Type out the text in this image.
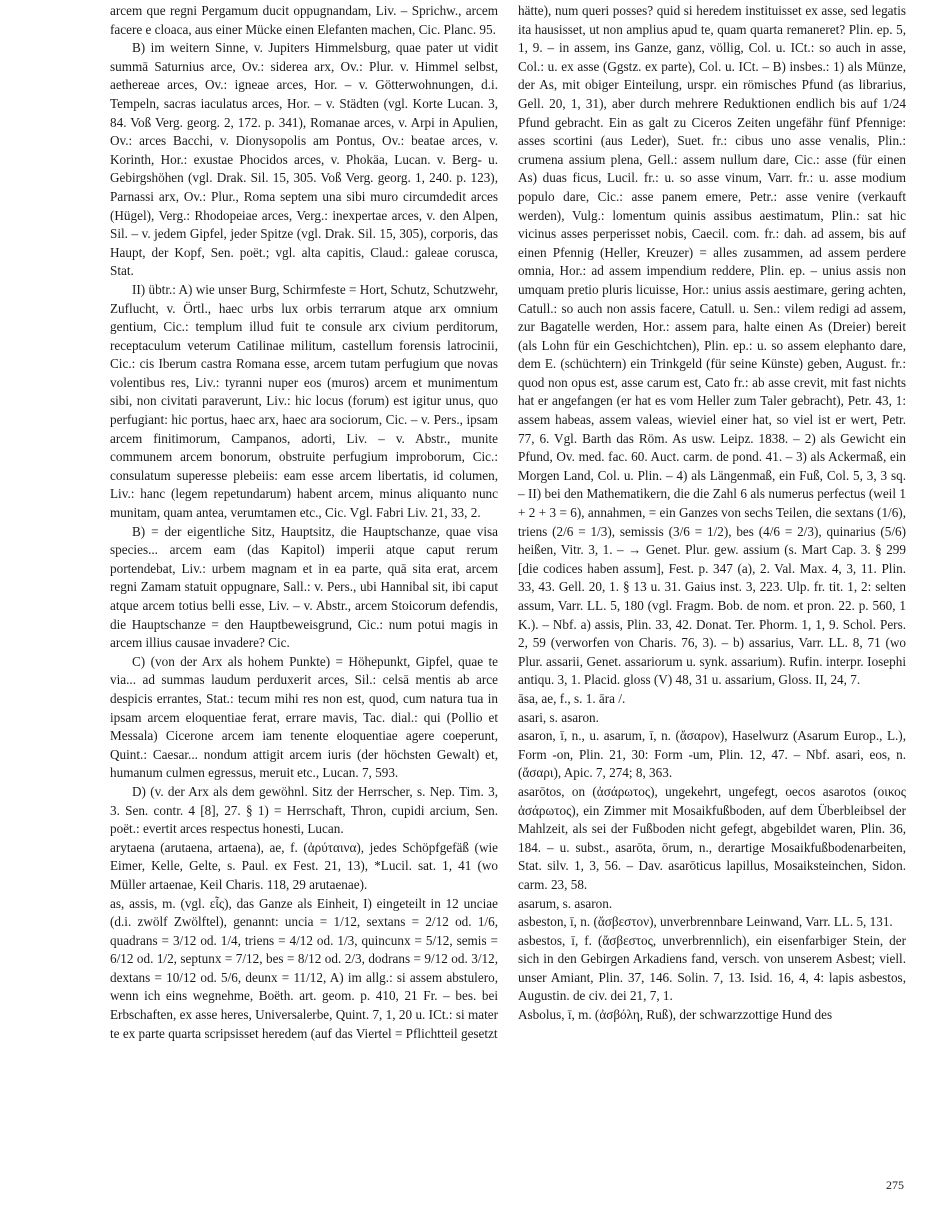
arcem que regni Pergamum ducit oppugnandam, Liv. – Sprichw., arcem facere e cloaca, aus einer Mücke einen Elefanten machen, Cic. Planc. 95.

B) im weitern Sinne, v. Jupiters Himmelsburg, quae pater ut vidit summā Saturnius arce, Ov.: siderea arx, Ov.: Plur. v. Himmel selbst, aethereae arces, Ov.: igneae arces, Hor. – v. Götterwohnungen, d.i. Tempeln, sacras iaculatus arces, Hor. – v. Städten (vgl. Korte Lucan. 3, 84. Voß Verg. georg. 2, 172. p. 341), Romanae arces, v. Arpi in Apulien, Ov.: arces Bacchi, v. Dionysopolis am Pontus, Ov.: beatae arces, v. Korinth, Hor.: exustae Phocidos arces, v. Phokäa, Lucan. v. Berg- u. Gebirgshöhen (vgl. Drak. Sil. 15, 305. Voß Verg. georg. 1, 240. p. 123), Parnassi arx, Ov.: Plur., Roma septem una sibi muro circumdedit arces (Hügel), Verg.: Rhodopeiae arces, Verg.: inexpertae arces, v. den Alpen, Sil. – v. jedem Gipfel, jeder Spitze (vgl. Drak. Sil. 15, 305), corporis, das Haupt, der Kopf, Sen. poët.; vgl. alta capitis, Claud.: galeae corusca, Stat.

II) übtr.: A) wie unser Burg, Schirmfeste = Hort, Schutz, Schutzwehr, Zuflucht, v. Örtl., haec urbs lux orbis terrarum atque arx omnium gentium, Cic.: templum illud fuit te consule arx civium perditorum, receptaculum veterum Catilinae militum, castellum forensis latrocinii, Cic.: cis Iberum castra Romana esse, arcem tutam perfugium que novas volentibus res, Liv.: tyranni nuper eos (muros) arcem et munimentum sibi, non civitati paraverunt, Liv.: hic locus (forum) est igitur unus, quo perfugiant: hic portus, haec arx, haec ara sociorum, Cic. – v. Pers., ipsam arcem finitimorum, Campanos, adorti, Liv. – v. Abstr., munite communem arcem bonorum, obstruite perfugium improborum, Cic.: consulatum superesse plebeiis: eam esse arcem libertatis, id columen, Liv.: hanc (legem repetundarum) habent arcem, minus aliquanto nunc munitam, quam antea, verumtamen etc., Cic. Vgl. Fabri Liv. 21, 33, 2.

B) = der eigentliche Sitz, Hauptsitz, die Hauptschanze, quae visa species... arcem eam (das Kapitol) imperii atque caput rerum portendebat, Liv.: urbem magnam et in ea parte, quā sita erat, arcem regni Zamam statuit oppugnare, Sall.: v. Pers., ubi Hannibal sit, ibi caput atque arcem totius belli esse, Liv. – v. Abstr., arcem Stoicorum defendis, die Hauptschanze = den Hauptbeweisgrund, Cic.: num potui magis in arcem illius causae invadere? Cic.

C) (von der Arx als hohem Punkte) = Höhepunkt, Gipfel, quae te via... ad summas laudum perduxerit arces, Sil.: celsā mentis ab arce despicis errantes, Stat.: tecum mihi res non est, quod, cum natura tua in ipsam arcem eloquentiae ferat, errare mavis, Tac. dial.: qui (Pollio et Messala) Cicerone arcem iam tenente eloquentiae agere coeperunt, Quint.: Caesar... nondum attigit arcem iuris (der höchsten Gewalt) et, humanum culmen egressus, meruit etc., Lucan. 7, 593.

D) (v. der Arx als dem gewöhnl. Sitz der Herrscher, s. Nep. Tim. 3, 3. Sen. contr. 4 [8], 27. § 1) = Herrschaft, Thron, cupidi arcium, Sen. poët.: evertit arces respectus honesti, Lucan.

arytaena (arutaena, artaena), ae, f. (ἀρύταινα), jedes Schöpfgefäß (wie Eimer, Kelle, Gelte, s. Paul. ex Fest. 21, 13), *Lucil. sat. 1, 41 (wo Müller artaenae, Keil Charis. 118, 29 arutaenae).

as, assis, m. (vgl. εἷς), das Ganze als Einheit, I) eingeteilt in 12 unciae (d.i. zwölf Zwölftel), genannt: uncia = 1/12, sextans = 2/12 od. 1/6, quadrans = 3/12 od. 1/4, triens = 4/12 od. 1/3, quincunx = 5/12, semis = 6/12 od. 1/2, septunx = 7/12, bes = 8/12 od. 2/3, dodrans = 9/12 od. 3/12, dextans = 10/12 od. 5/6, deunx = 11/12, A) im allg.: si assem abstulero, wenn ich eins wegnehme, Boëth. art. geom. p. 410, 21 Fr. – bes. bei Erbschaften, ex asse heres, Universalerbe, Quint. 7, 1, 20 u. ICt.: si mater te ex parte quarta scripsisset heredem (auf das Viertel = Pflichtteil gesetzt

hätte), num queri posses? quid si heredem instituisset ex asse, sed legatis ita hausisset, ut non amplius apud te, quam quarta remaneret? Plin. ep. 5, 1, 9. – in assem, ins Ganze, ganz, völlig, Col. u. ICt.: so auch in asse, Col.: u. ex asse (Ggstz. ex parte), Col. u. ICt. – B) insbes.: 1) als Münze, der As, mit obiger Einteilung, urspr. ein römisches Pfund (as librarius, Gell. 20, 1, 31), aber durch mehrere Reduktionen endlich bis auf 1/24 Pfund gebracht. Ein as galt zu Ciceros Zeiten ungefähr fünf Pfennige: asses scortini (aus Leder), Suet. fr.: cibus uno asse venalis, Plin.: crumena assium plena, Gell.: assem nullum dare, Cic.: asse (für einen As) duas ficus, Lucil. fr.: u. so asse vinum, Varr. fr.: u. asse modium populo dare, Cic.: asse panem emere, Petr.: asse venire (verkauft werden), Vulg.: lomentum quinis assibus aestimatum, Plin.: sat hic vicinus asses perperisset nobis, Caecil. com. fr.: dah. ad assem, bis auf einen Pfennig (Heller, Kreuzer) = alles zusammen, ad assem perdere omnia, Hor.: ad assem impendium reddere, Plin. ep. – unius assis non umquam pretio pluris licuisse, Hor.: unius assis aestimare, gering achten, Catull.: so auch non assis facere, Catull. u. Sen.: vilem redigi ad assem, zur Bagatelle werden, Hor.: assem para, halte einen As (Dreier) bereit (als Lohn für ein Geschichtchen), Plin. ep.: u. so assem elephanto dare, dem E. (schüchtern) ein Trinkgeld (für seine Künste) geben, August. fr.: quod non opus est, asse carum est, Cato fr.: ab asse crevit, mit fast nichts hat er angefangen (er hat es vom Heller zum Taler gebracht), Petr. 43, 1: assem habeas, assem valeas, wieviel einer hat, so viel ist er wert, Petr. 77, 6. Vgl. Barth das Röm. As usw. Leipz. 1838. – 2) als Gewicht ein Pfund, Ov. med. fac. 60. Auct. carm. de pond. 41. – 3) als Ackermaß, ein Morgen Land, Col. u. Plin. – 4) als Längenmaß, ein Fuß, Col. 5, 3, 3 sq. – II) bei den Mathematikern, die die Zahl 6 als numerus perfectus (weil 1 + 2 + 3 = 6), annahmen, = ein Ganzes von sechs Teilen, die sextans (1/6), triens (2/6 = 1/3), semissis (3/6 = 1/2), bes (4/6 = 2/3), quinarius (5/6) heißen, Vitr. 3, 1. – → Genet. Plur. gew. assium (s. Mart Cap. 3. § 299 [die codices haben assum], Fest. p. 347 (a), 2. Val. Max. 4, 3, 11. Plin. 33, 43. Gell. 20, 1. § 13 u. 31. Gaius inst. 3, 223. Ulp. fr. tit. 1, 2: selten assum, Varr. LL. 5, 180 (vgl. Fragm. Bob. de nom. et pron. 22. p. 560, 1 K.). – Nbf. a) assis, Plin. 33, 42. Donat. Ter. Phorm. 1, 1, 9. Schol. Pers. 2, 59 (verworfen von Charis. 76, 3). – b) assarius, Varr. LL. 8, 71 (wo Plur. assarii, Genet. assariorum u. synk. assarium). Rufin. interpr. Iosephi antiqu. 3, 1. Placid. gloss (V) 48, 31 u. assarium, Gloss. II, 24, 7.

āsa, ae, f., s. 1. āra /.

asari, s. asaron.

asaron, ī, n., u. asarum, ī, n. (ἄσαρον), Haselwurz (Asarum Europ., L.), Form -on, Plin. 21, 30: Form -um, Plin. 12, 47. – Nbf. asari, eos, n. (ἄσαρι), Apic. 7, 274; 8, 363.

asarōtos, on (ἀσάρωτος), ungekehrt, ungefegt, oecos asarotos (οικος ἀσάρωτος), ein Zimmer mit Mosaikfußboden, auf dem Überbleibsel der Mahlzeit, als sei der Fußboden nicht gefegt, abgebildet waren, Plin. 36, 184. – u. subst., asarōta, ōrum, n., derartige Mosaikfußbodenarbeiten, Stat. silv. 1, 3, 56. – Dav. asarōticus lapillus, Mosaiksteinchen, Sidon. carm. 23, 58.

asarum, s. asaron.

asbeston, ī, n. (ἄσβεστον), unverbrennbare Leinwand, Varr. LL. 5, 131.

asbestos, ī, f. (ἄσβεστος, unverbrennlich), ein eisenfarbiger Stein, der sich in den Gebirgen Arkadiens fand, versch. von unserem Asbest; viell. unser Amiant, Plin. 37, 146. Solin. 7, 13. Isid. 16, 4, 4: lapis asbestos, Augustin. de civ. dei 21, 7, 1.

Asbolus, ī, m. (ἀσβόλη, Ruß), der schwarzzottige Hund des

275
